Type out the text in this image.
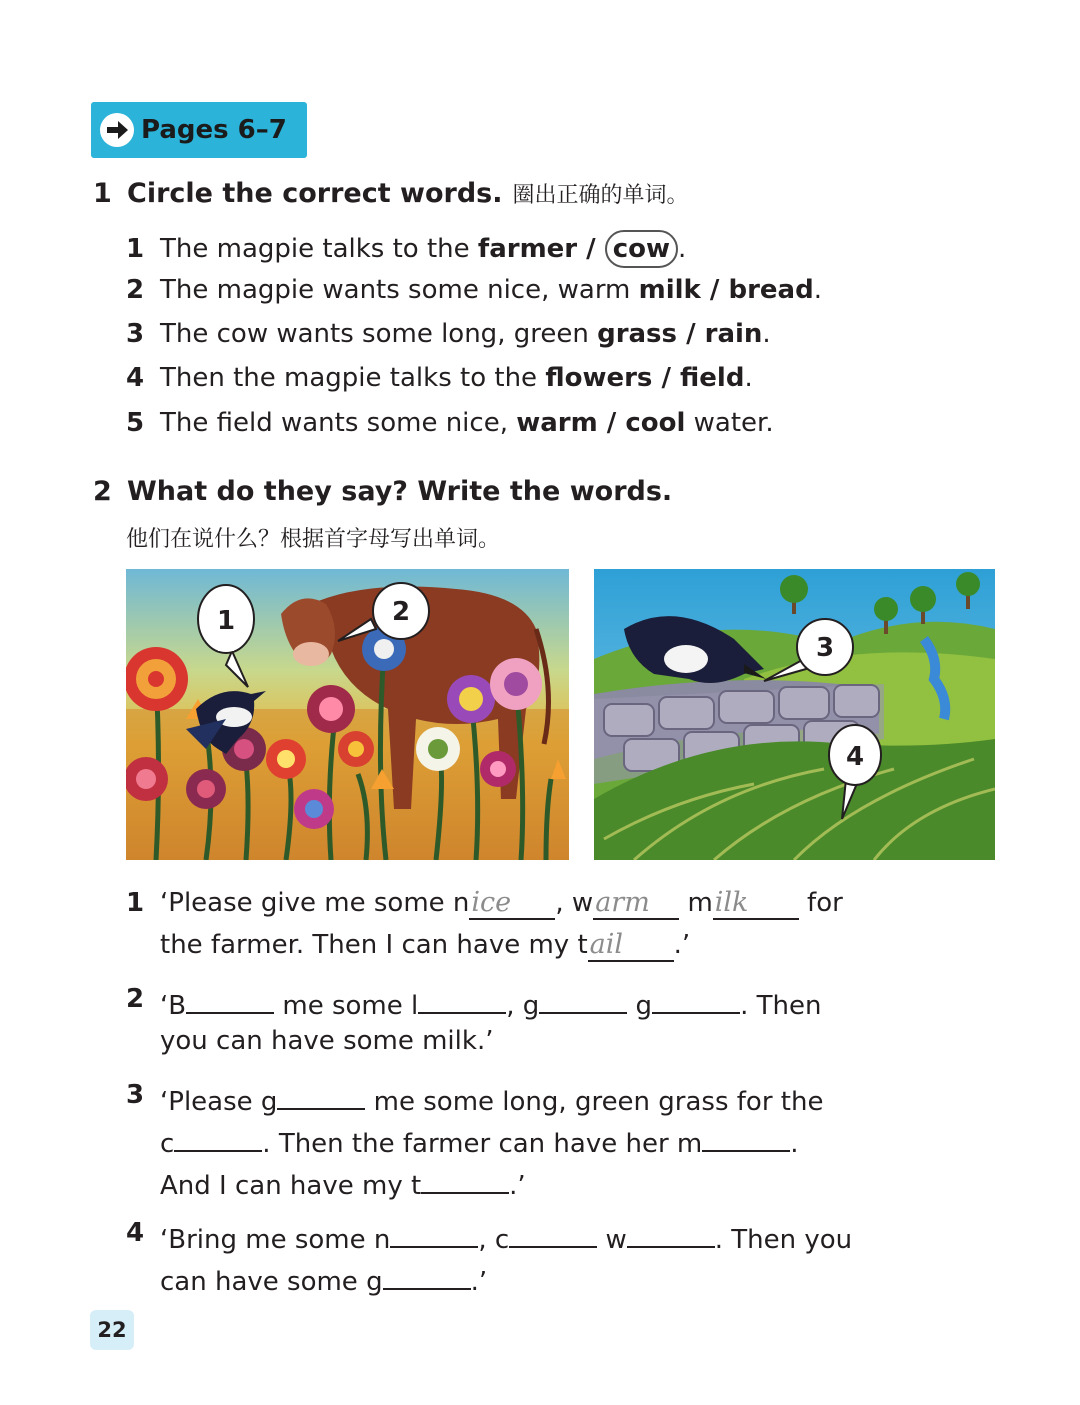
Pages 6–7
1 Circle the correct words. 圈出正确的单词。
1 The magpie talks to the farmer / cow .
2 The magpie wants some nice, warm milk / bread.
3 The cow wants some long, green grass / rain.
4 Then the magpie talks to the flowers / field.
5 The field wants some nice, warm / cool water.
2 What do they say? Write the words.
他们在说什么？根据首字母写出单词。
1	2
3
4
1 ‘Please give me some nice , warm milk for
the farmer. Then I can have my tail .’
2 ‘B	me some l	, g	g	. Then
you can have some milk.’
3 ‘Please g	me some long, green grass for the
c	. Then the farmer can have her m	.
And I can have my t	.’
4 ‘Bring me some n	, c	w	. Then you
can have some g	.’
22
